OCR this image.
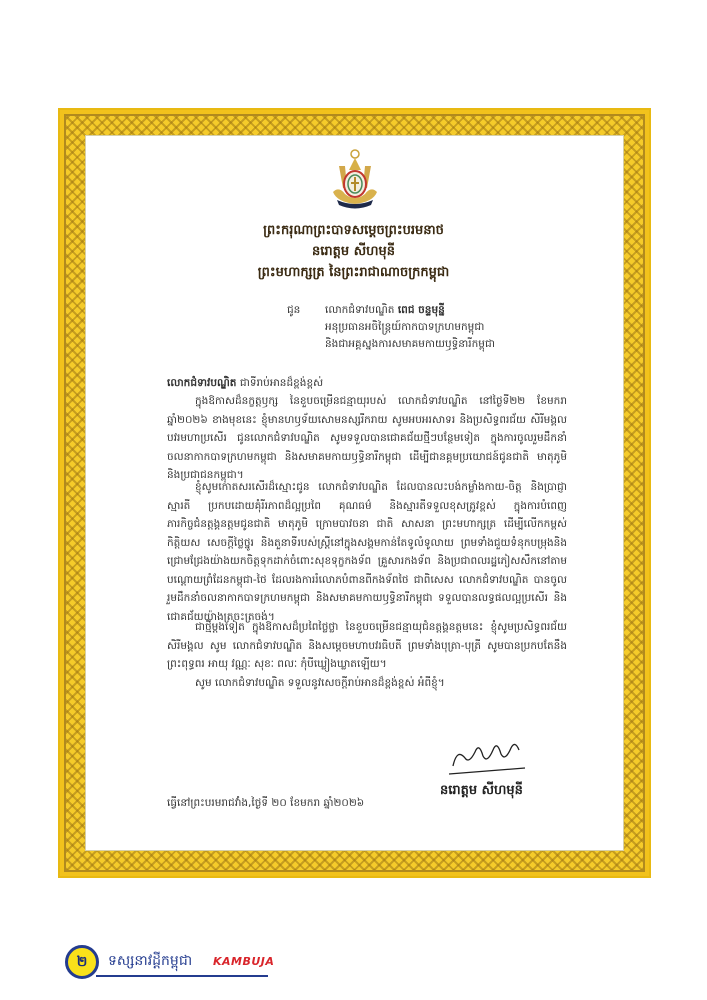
ព្រះករុណាព្រះបាទសម្តេចព្រះបរមនាថ
នរោត្តម សីហមុនី
ព្រះមហាក្សត្រ នៃព្រះរាជាណាចក្រកម្ពុជា
ជូន លោកជំទាវបណ្ឌិត ពេជ ចន្ទមុន្នី
អនុប្រធានអចិន្ត្រៃយ៍កាកបាទក្រហមកម្ពុជា
និងជាអគ្គស្នងការសមាគមកាយឫទ្ធិនារីកម្ពុជា
លោកជំទាវបណ្ឌិត ជាទីរាប់អានដ៏ខ្ពង់ខ្ពស់

ក្នុងឱកាសដ៏នក្ខត្តឫក្ស នៃខួបចម្រើនជន្មាយុរបស់ លោកជំទាវបណ្ឌិត នៅថ្ងៃទី២២ ខែមករា ឆ្នាំ២០២៦ ខាងមុខនេះ ខ្ញុំមានហឫទ័យសោមនស្សរីករាយ សូមអបអរសាទរ និងប្រសិទ្ធពរជ័យ សិរីមង្គល បវរមហាប្រសើរ ជូនលោកជំទាវបណ្ឌិត សូមទទួលបានជោគជ័យថ្មីៗបន្ថែមទៀត ក្នុងការចូលរួមដឹកនាំចលនាកាកបាទក្រហមកម្ពុជា និងសមាគមកាយឫទ្ធិនារីកម្ពុជា ដើម្បីជានគ្គមប្រយោជន៍ជូនជាតិ មាតុភូមិ និងប្រជាជនកម្ពុជា។

ខ្ញុំសូមកោតសរសើរដ៏ស្មោះជូន លោកជំទាវបណ្ឌិត ដែលបានលះបង់កម្លាំងកាយ-ចិត្ត និងប្រាជ្ញាស្មារតី ប្រកបដោយគុំរីរភាពដ៏ល្អប្រពៃ គុណធម៌ និងស្មារតីទទួលខុសត្រូវខ្ពស់ ក្នុងការបំពេញភារកិច្ចជំនត្តង្គនត្តមជូនជាតិ មាតុភូមិ ក្រោមបាវចនា ជាតិ សាសនា ព្រះមហាក្សត្រ ដើម្បីលើកកម្ពស់កិត្តិយស សេចក្តីថ្លៃថ្នូរ និងតួនាទីរបស់ស្ត្រីនៅក្នុងសង្គមកាន់តែទូលំទូលាយ ព្រមទាំងជួយទំនុកបម្រុងនិងជ្រោមជ្រែងយ៉ាងយកចិត្តទុកដាក់ចំពោះសុខទុក្ខកងទ័ព គ្រួសារកងទ័ព និងប្រជាពលរដ្ឋភៀសសឹកនៅតាមបណ្តោយព្រំដែនកម្ពុជា-ថៃ ដែលរងការរំលោភបំពានពីកងទ័ពថៃ ជាពិសេស លោកជំទាវបណ្ឌិត បានចូលរួមដឹកនាំចលនាកាកបាទក្រហមកម្ពុជា និងសមាគមកាយឫទ្ធិនារីកម្ពុជា ទទួលបានលទ្ធផលល្អប្រសើរ និងជោគជ័យយ៉ាងត្រចះត្រចង់។

ជាថ្មីម្តងទៀត ក្នុងឱកាសដ៏ប្រពៃថ្លៃថ្លា នៃខួបចម្រើនជន្មាយុជំនត្តង្គនត្តមនេះ ខ្ញុំសូមប្រសិទ្ធពរជ័យ សិរីមង្គល សូម លោកជំទាវបណ្ឌិត និងសម្តេចមហាបវរធិបតី ព្រមទាំងបុត្រា-បុត្រី សូមបានប្រកបតែនឹងព្រះពុទ្ធពរ អាយុ វណ្ណៈ សុខៈ ពលៈ កុំបីឃ្លៀងឃ្លាតឡើយ។

សូម លោកជំទាវបណ្ឌិត ទទួលនូវសេចក្តីរាប់អានដ៏ខ្ពង់ខ្ពស់ អំពីខ្ញុំ។

នរោត្តម សីហមុនី
ធ្វើនៅព្រះបរមរាជវាំង,ថ្ងៃទី ២០ ខែមករា ឆ្នាំ២០២៦
២ ទស្សនាវដ្តីកម្ពុជា KAMBUJA
